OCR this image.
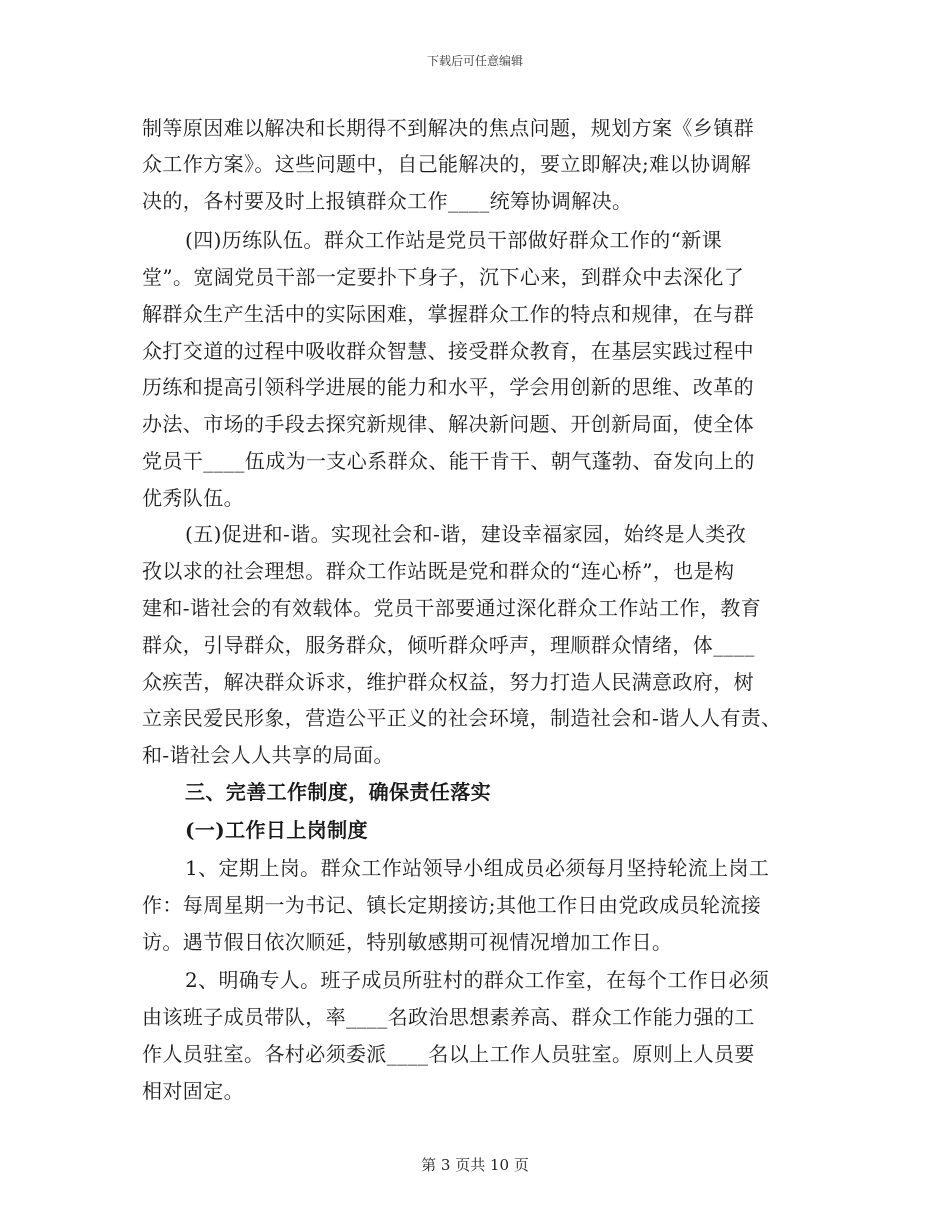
下载后可任意编辑
制等原因难以解决和长期得不到解决的焦点问题，规划方案《乡镇群
众工作方案》。这些问题中，自己能解决的，要立即解决;难以协调解
决的，各村要及时上报镇群众工作____统筹协调解决。
(四)历练队伍。群众工作站是党员干部做好群众工作的“新课
堂”。宽阔党员干部一定要扑下身子，沉下心来，到群众中去深化了
解群众生产生活中的实际困难，掌握群众工作的特点和规律，在与群
众打交道的过程中吸收群众智慧、接受群众教育，在基层实践过程中
历练和提高引领科学进展的能力和水平，学会用创新的思维、改革的
办法、市场的手段去探究新规律、解决新问题、开创新局面，使全体
党员干____伍成为一支心系群众、能干肯干、朝气蓬勃、奋发向上的
优秀队伍。
(五)促进和-谐。实现社会和-谐，建设幸福家园，始终是人类孜
孜以求的社会理想。群众工作站既是党和群众的“连心桥”，也是构
建和-谐社会的有效载体。党员干部要通过深化群众工作站工作，教育
群众，引导群众，服务群众，倾听群众呼声，理顺群众情绪，体____
众疾苦，解决群众诉求，维护群众权益，努力打造人民满意政府，树
立亲民爱民形象，营造公平正义的社会环境，制造社会和-谐人人有责、
和-谐社会人人共享的局面。
三、完善工作制度，确保责任落实
(一)工作日上岗制度
1、定期上岗。群众工作站领导小组成员必须每月坚持轮流上岗工
作：每周星期一为书记、镇长定期接访;其他工作日由党政成员轮流接
访。遇节假日依次顺延，特别敏感期可视情况增加工作日。
2、明确专人。班子成员所驻村的群众工作室，在每个工作日必须
由该班子成员带队，率____名政治思想素养高、群众工作能力强的工
作人员驻室。各村必须委派____名以上工作人员驻室。原则上人员要
相对固定。
第 3 页共 10 页
